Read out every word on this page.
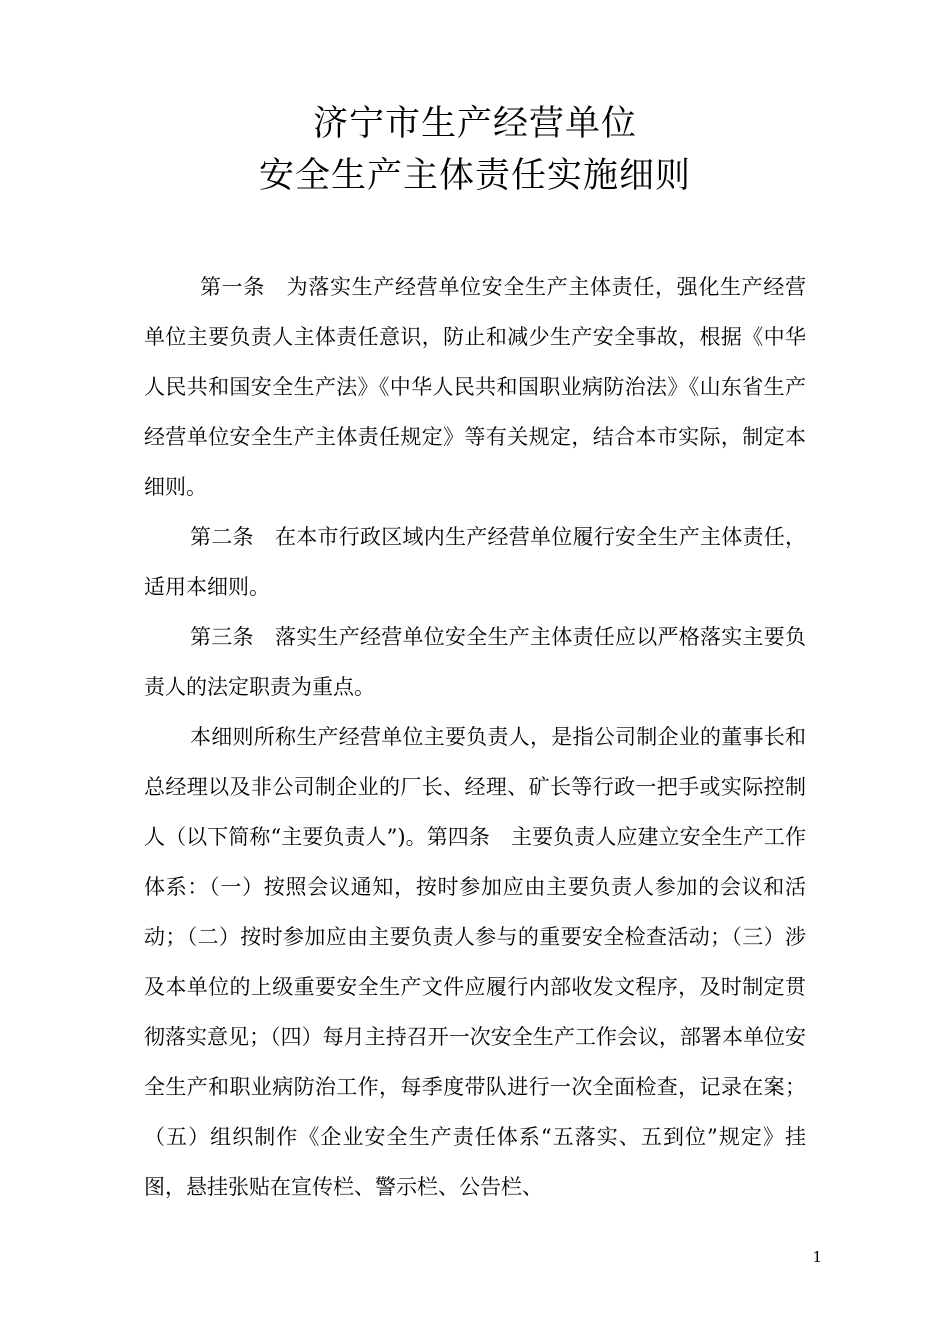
济宁市生产经营单位
安全生产主体责任实施细则

第一条　为落实生产经营单位安全生产主体责任，强化生产经营单位主要负责人主体责任意识，防止和减少生产安全事故，根据《中华人民共和国安全生产法》《中华人民共和国职业病防治法》《山东省生产经营单位安全生产主体责任规定》等有关规定，结合本市实际，制定本细则。

第二条　在本市行政区域内生产经营单位履行安全生产主体责任，适用本细则。

第三条　落实生产经营单位安全生产主体责任应以严格落实主要负责人的法定职责为重点。

本细则所称生产经营单位主要负责人，是指公司制企业的董事长和总经理以及非公司制企业的厂长、经理、矿长等行政一把手或实际控制人（以下简称“主要负责人”)。第四条　主要负责人应建立安全生产工作体系：（一）按照会议通知，按时参加应由主要负责人参加的会议和活动；（二）按时参加应由主要负责人参与的重要安全检查活动；（三）涉及本单位的上级重要安全生产文件应履行内部收发文程序，及时制定贯彻落实意见；（四）每月主持召开一次安全生产工作会议，部署本单位安全生产和职业病防治工作，每季度带队进行一次全面检查，记录在案；（五）组织制作《企业安全生产责任体系“五落实、五到位”规定》挂图，悬挂张贴在宣传栏、警示栏、公告栏、

1
